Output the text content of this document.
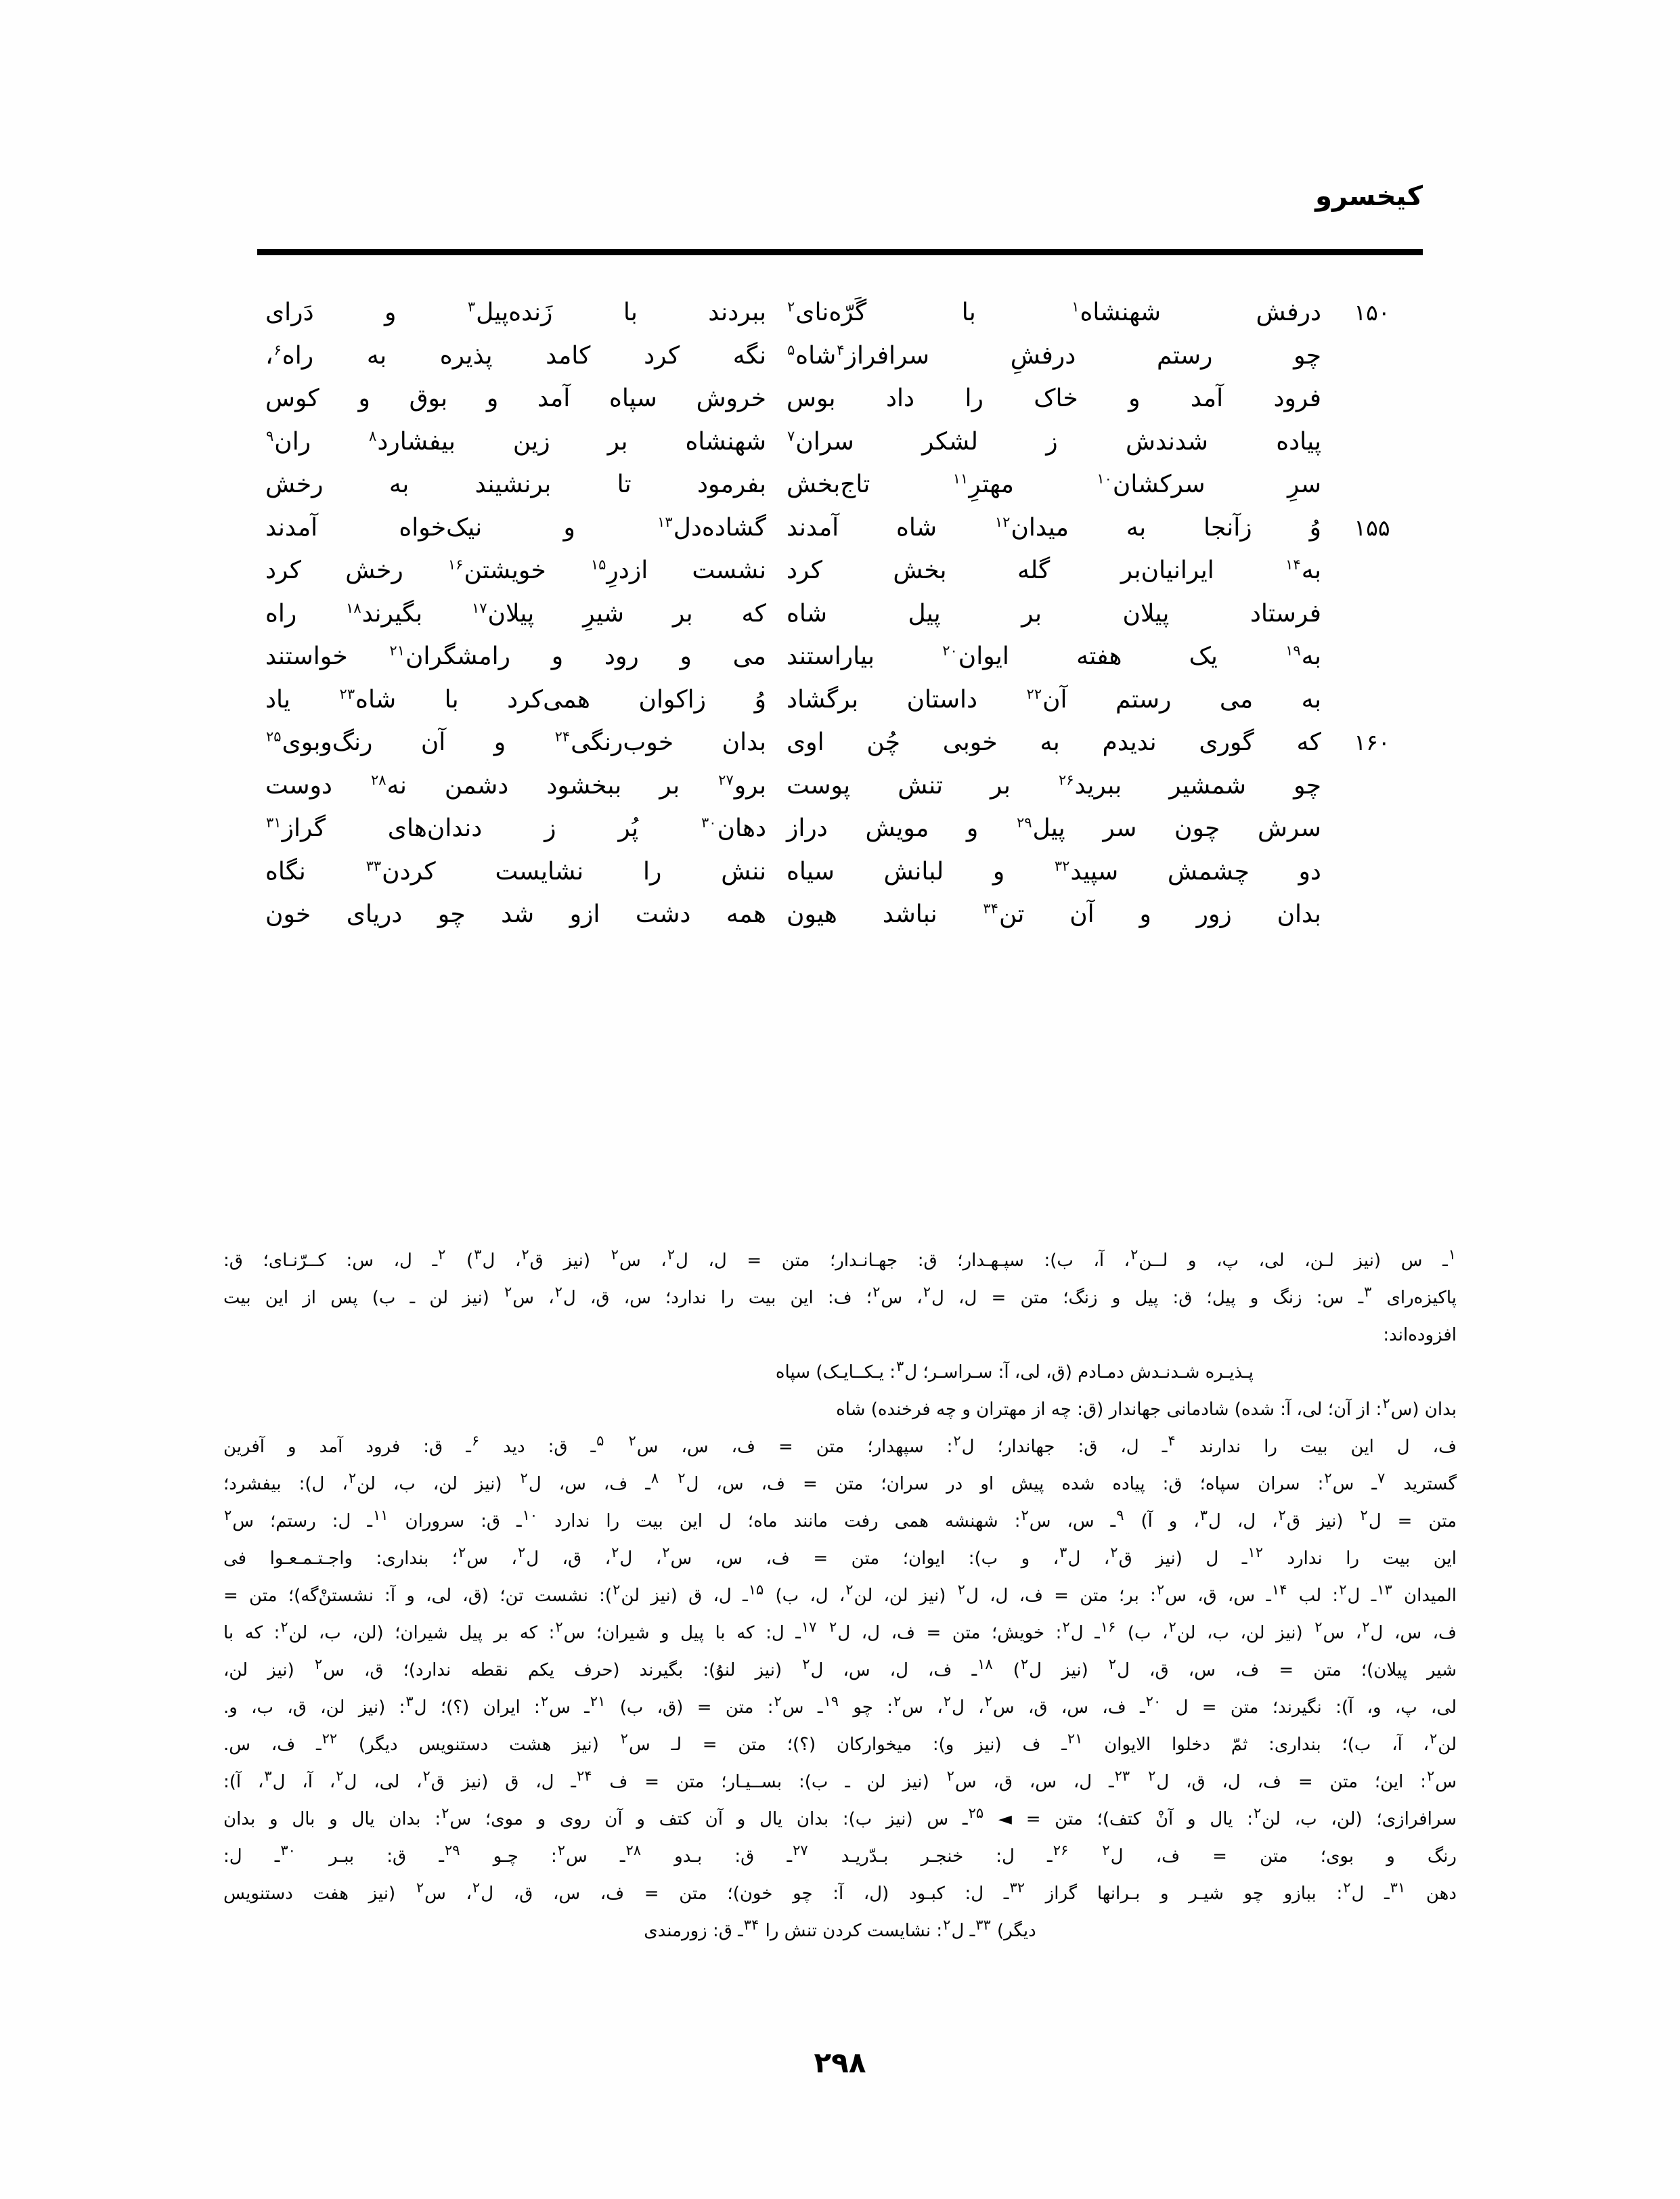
کیخسرو
۱۵۰
درفش شهنشاه$^۱$ با گَرّه‌ناى$^۲$
ببردند با زَنده‌پيل$^۳$ و دَراى
چو رستم درفشِ سرافراز$^۴$شاه$^۵$
نگه كرد كامد پذيره به راه$^۶$،
فرود آمد و خاک را داد بوس
خروش سپاه آمد و بوق و كوس
پياده شدندش ز لشكر سران$^۷$
شهنشاه بر زين بيفشارد$^۸$ ران$^۹$
سرِ سركشان$^{۱۰}$ مهترِ$^{۱۱}$ تاج‌بخش
بفرمود تا برنشيند به رخش
۱۵۵
وُ زآنجا به ميدان$^{۱۲}$ شاه آمدند
گشاده‌دل$^{۱۳}$ و نيک‌خواه آمدند
به$^{۱۴}$ ايرانيان‌بر گله بخش كرد
نشست ازدرِ$^{۱۵}$ خويشتن$^{۱۶}$ رخش كرد
فرستاد پيلان بر پيل شاه
كه بر شيرِ پيلان$^{۱۷}$ بگيرند$^{۱۸}$ راه
به$^{۱۹}$ يک هفته ايوان$^{۲۰}$ بياراستند
مى و رود و رامشگران$^{۲۱}$ خواستند
به مى رستم آن$^{۲۲}$ داستان برگشاد
وُ زاكوان همى‌كرد با شاه$^{۲۳}$ ياد
۱۶۰
كه گورى نديدم به خوبى چُن اوى
بدان خوب‌رنگى$^{۲۴}$ و آن رنگ‌وبوى$^{۲۵}$
چو شمشير ببريد$^{۲۶}$ بر تنش پوست
برو$^{۲۷}$ بر ببخشود دشمن نه$^{۲۸}$ دوست
سرش چون سر پيل$^{۲۹}$ و مويش دراز
دهان$^{۳۰}$ پُر ز دندان‌هاى گراز$^{۳۱}$
دو چشمش سپيد$^{۳۲}$ و لبانش سياه
ننش را نشايست كردن$^{۳۳}$ نگاه
بدان زور و آن تن$^{۳۴}$ نباشد هيون
همه دشت ازو شد چو درياى خون
$^۱$ـ س (نيز لـن، لى، پ، و لــن$^۲$، آ، ب): سپـهـدار؛ ق: جهـانـدار؛ متن = ل، ل$^۲$، س$^۲$ (نيز ق$^۲$، ل$^۳$) $^۲$ـ ل، س: كــرّنـاى؛ ق:
پاكيزه‌راى $^۳$ـ س: زنگ و پيل؛ ق: پيل و زنگ؛ متن = ل، ل$^۲$، س$^۲$؛ ف: اين بيت را ندارد؛ س، ق، ل$^۲$، س$^۲$ (نيز لن ـ ب) پس از اين بيت
افزوده‌اند:
پـذيـره شـدنـدش دمـادم (ق، لى، آ: سـراسـر؛ ل$^۳$: يـكــايـک) سپاه
بدان (س$^۲$: از آن؛ لى، آ: شده) شادمانى جهاندار (ق: چه از مهتران و چه فرخنده) شاه
ف، ل اين بيت را ندارند $^۴$ـ ل، ق: جهاندار؛ ل$^۲$: سپهدار؛ متن = ف، س، س$^۲$ $^۵$ـ ق: ديد $^۶$ـ ق: فرود آمد و آفرين
گسترید $^۷$ـ س$^۲$: سران سپاه؛ ق: پياده شده پيش او در سران؛ متن = ف، س، ل$^۲$ $^۸$ـ ف، س، ل$^۲$ (نيز لن، ب، لن$^۲$، ل): بيفشرد؛
متن = ل$^۲$ (نيز ق$^۲$، ل، ل$^۳$، و آ) $^۹$ـ س، س$^۲$: شهنشه همى رفت مانند ماه؛ ل اين بيت را ندارد $^{۱۰}$ـ ق: سروران $^{۱۱}$ـ ل: رستم؛ س$^۲$
اين بيت را ندارد $^{۱۲}$ـ ل (نيز ق$^۲$، ل$^۳$، و ب): ايوان؛ متن = ف، س، س$^۲$، ل$^۲$، ق، ل$^۲$، س$^۲$؛ بندارى: واجـتـمـعـوا فى
الميدان $^{۱۳}$ـ ل$^۲$: لب $^{۱۴}$ـ س، ق، س$^۲$: بر؛ متن = ف، ل، ل$^۲$ (نيز لن، لن$^۲$، ل، ب) $^{۱۵}$ـ ل، ق (نيز لن$^۲$): نشست تن؛ (ق، لى، و آ: نشستنْ‌گه)؛ متن =
ف، س، ل$^۲$، س$^۲$ (نيز لن، ب، لن$^۲$، ب) $^{۱۶}$ـ ل$^۲$: خويش؛ متن = ف، ل، ل$^۲$ $^{۱۷}$ـ ل: كه با پيل و شيران؛ س$^۲$: كه بر پيل شيران؛ (لن، ب، لن$^۲$: كه با
شير پيلان)؛ متن = ف، س، ق، ل$^۲$ (نيز ل$^۲$) $^{۱۸}$ـ ف، ل، س، ل$^۲$ (نيز لنۇ): بگيرند (حرف يكم نقطه ندارد)؛ ق، س$^۲$ (نيز لن،
لى، پ، و، آ): نگيرند؛ متن = ل $^{۲۰}$ـ ف، س، ق، س$^۲$، ل$^۲$، س$^۲$: چو $^{۱۹}$ـ س$^۲$: متن = (ق، ب) $^{۲۱}$ـ س$^۲$: ايران (؟)؛ ل$^۳$: (نيز لن، ق، ب، و.
لن$^۲$، آ، ب)؛ بندارى: ثمّ دخلوا الايوان $^{۲۱}$ـ ف (نيز و): ميخواركان (؟)؛ متن = لـ س$^۲$ (نيز هشت دستنويس ديگر) $^{۲۲}$ـ ف، س.
س$^۲$: اين؛ متن = ف، ل، ق، ل$^۲$ $^{۲۳}$ـ ل، س، ق، س$^۲$ (نيز لن ـ ب): بســيـار؛ متن = ف $^{۲۴}$ـ ل، ق (نيز ق$^۲$، لى، ل$^۲$، آ، ل$^۳$، آ):
سرافرازى؛ (لن، ب، لن$^۲$: يال و آنْ كتف)؛ متن = ◄ $^{۲۵}$ـ س (نيز ب): بدان يال و آن كتف و آن روى و موى؛ س$^۲$: بدان يال و بال و بدان
رنگ و بوى؛ متن = ف، ل$^۲$ $^{۲۶}$ـ ل: خنجـر بـدّريـد $^{۲۷}$ـ ق: بـدو $^{۲۸}$ـ س$^۲$: چـو $^{۲۹}$ـ ق: ببـر $^{۳۰}$ـ ل:
دهن $^{۳۱}$ـ ل$^۲$: ببازو چو شيـر و بـرانها گراز $^{۳۲}$ـ ل: كبـود (ل، آ: چو خون)؛ متن = ف، س، ق، ل$^۲$، س$^۲$ (نيز هفت دستنويس
ديگر) $^{۳۳}$ـ ل$^۲$: نشايست كردن تنش را $^{۳۴}$ـ ق: زورمندى
۲۹۸
